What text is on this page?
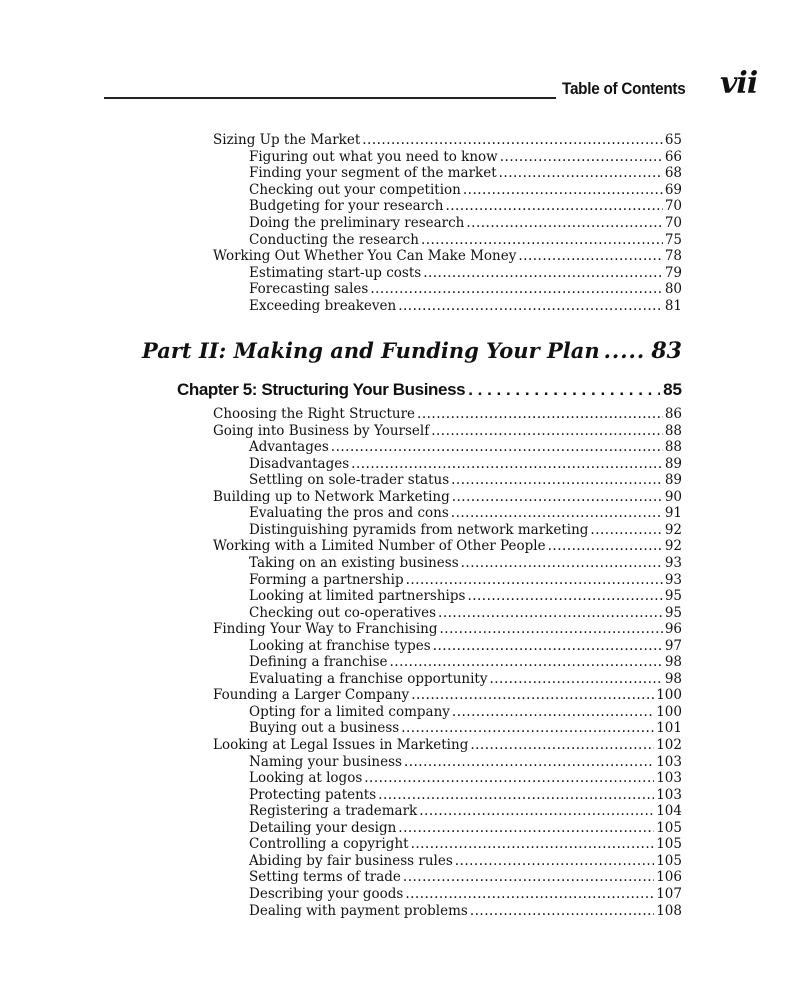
Table of Contents vii
Sizing Up the Market .....	65
Figuring out what you need to know .....	66
Finding your segment of the market .....	68
Checking out your competition .....	69
Budgeting for your research .....	70
Doing the preliminary research .....	70
Conducting the research .....	75
Working Out Whether You Can Make Money .....	78
Estimating start-up costs .....	79
Forecasting sales .....	80
Exceeding breakeven .....	81
Part II: Making and Funding Your Plan ..... 83
Chapter 5: Structuring Your Business . . .	85
Choosing the Right Structure .....	86
Going into Business by Yourself .....	88
Advantages .....	88
Disadvantages .....	89
Settling on sole-trader status .....	89
Building up to Network Marketing .....	90
Evaluating the pros and cons .....	91
Distinguishing pyramids from network marketing .....	92
Working with a Limited Number of Other People .....	92
Taking on an existing business .....	93
Forming a partnership .....	93
Looking at limited partnerships .....	95
Checking out co-operatives .....	95
Finding Your Way to Franchising .....	96
Looking at franchise types .....	97
Defining a franchise .....	98
Evaluating a franchise opportunity .....	98
Founding a Larger Company .....	100
Opting for a limited company .....	100
Buying out a business .....	101
Looking at Legal Issues in Marketing .....	102
Naming your business .....	103
Looking at logos .....	103
Protecting patents .....	103
Registering a trademark .....	104
Detailing your design .....	105
Controlling a copyright .....	105
Abiding by fair business rules .....	105
Setting terms of trade .....	106
Describing your goods .....	107
Dealing with payment problems .....	108
